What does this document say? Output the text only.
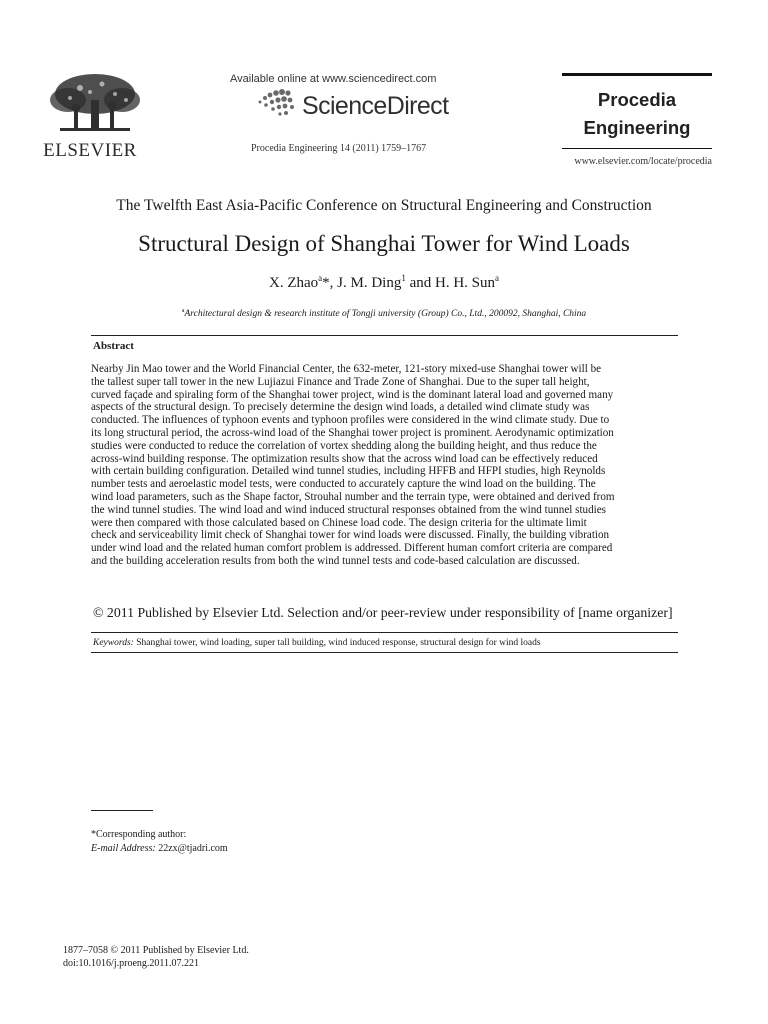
ELSEVIER
Available online at www.sciencedirect.com
ScienceDirect
Procedia Engineering 14 (2011) 1759–1767
Procedia Engineering
www.elsevier.com/locate/procedia
The Twelfth East Asia-Pacific Conference on Structural Engineering and Construction
Structural Design of Shanghai Tower for Wind Loads
X. Zhao$^a$*, J. M. Ding$^1$ and H. H. Sun$^a$
$^a$Architectural design & research institute of Tongji university (Group) Co., Ltd., 200092, Shanghai, China
Abstract
Nearby Jin Mao tower and the World Financial Center, the 632-meter, 121-story mixed-use Shanghai tower will be
the tallest super tall tower in the new Lujiazui Finance and Trade Zone of Shanghai. Due to the super tall height,
curved façade and spiraling form of the Shanghai tower project, wind is the dominant lateral load and governed many
aspects of the structural design. To precisely determine the design wind loads, a detailed wind climate study was
conducted. The influences of typhoon events and typhoon profiles were considered in the wind climate study. Due to
its long structural period, the across-wind load of the Shanghai tower project is prominent. Aerodynamic optimization
studies were conducted to reduce the correlation of vortex shedding along the building height, and thus reduce the
across-wind building response. The optimization results show that the across wind load can be effectively reduced
with certain building configuration. Detailed wind tunnel studies, including HFFB and HFPI studies, high Reynolds
number tests and aeroelastic model tests, were conducted to accurately capture the wind load on the building. The
wind load parameters, such as the Shape factor, Strouhal number and the terrain type, were obtained and derived from
the wind tunnel studies. The wind load and wind induced structural responses obtained from the wind tunnel studies
were then compared with those calculated based on Chinese load code. The design criteria for the ultimate limit
check and serviceability limit check of Shanghai tower for wind loads were discussed. Finally, the building vibration
under wind load and the related human comfort problem is addressed. Different human comfort criteria are compared
and the building acceleration results from both the wind tunnel tests and code-based calculation are discussed.
© 2011 Published by Elsevier Ltd. Selection and/or peer-review under responsibility of [name organizer]
Keywords: Shanghai tower, wind loading, super tall building, wind induced response, structural design for wind loads
*Corresponding author:
E-mail Address: 22zx@tjadri.com
1877–7058 © 2011 Published by Elsevier Ltd.
doi:10.1016/j.proeng.2011.07.221
